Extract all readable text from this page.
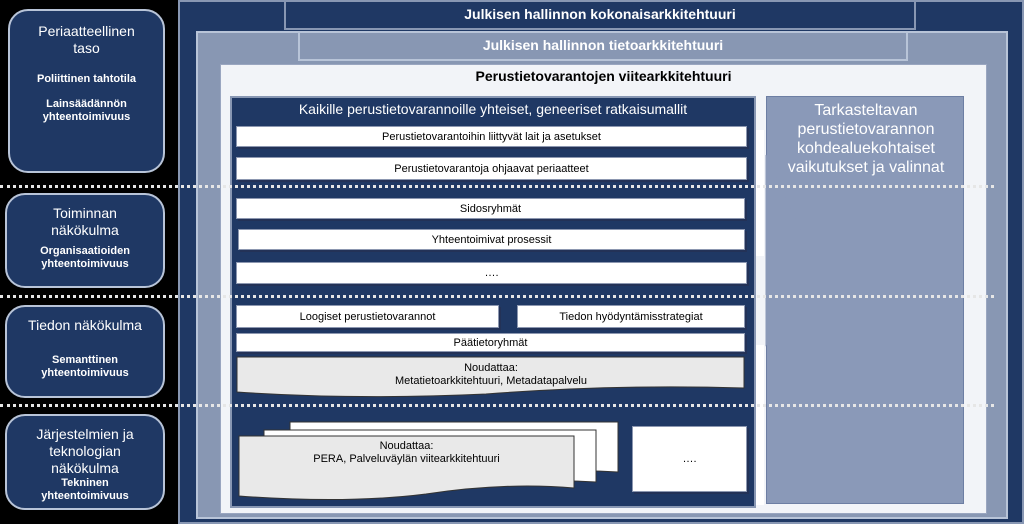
Periaatteellinen taso
Poliittinen tahtotila
Lainsäädännön yhteentoimivuus
Toiminnan näkökulma
Organisaatioiden yhteentoimivuus
Tiedon näkökulma
Semanttinen yhteentoimivuus
Järjestelmien ja teknologian näkökulma
Tekninen yhteentoimivuus
Julkisen hallinnon kokonaisarkkitehtuuri
Julkisen hallinnon tietoarkkitehtuuri
Perustietovarantojen viitearkkitehtuuri
Kaikille perustietovarannoille yhteiset, geneeriset ratkaisumallit	Tarkasteltavan perustietovarannon kohdealuekohtaiset vaikutukset ja valinnat
Perustietovarantoihin liittyvät lait ja asetukset
Perustietovarantoja ohjaavat periaatteet
Sidosryhmät
Yhteentoimivat prosessit
….
Loogiset perustietovarannot	Tiedon hyödyntämisstrategiat
Päätietoryhmät
Noudattaa:
Metatietoarkkitehtuuri, Metadatapalvelu
Noudattaa:
PERA, Palveluväylän viitearkkitehtuuri	….
